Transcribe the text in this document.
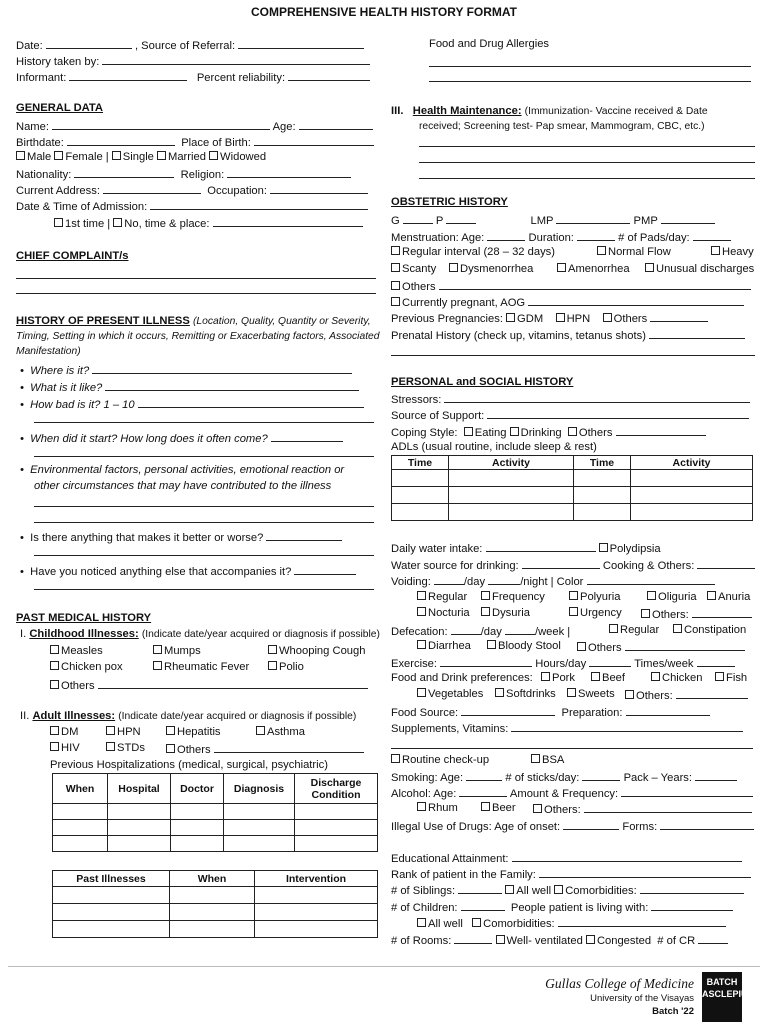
COMPREHENSIVE HEALTH HISTORY FORMAT
Date:	, Source of Referral:
History taken by:
Informant:	Percent reliability:
GENERAL DATA
Name:	Age:
Birthdate:	Place of Birth:
Male Female | Single Married Widowed
Nationality:	Religion:
Current Address:	Occupation:
Date & Time of Admission:
1st time | No, time & place:
CHIEF COMPLAINT/s
HISTORY OF PRESENT ILLNESS (Location, Quality, Quantity or Severity,
Timing, Setting in which it occurs, Remitting or Exacerbating factors, Associated
Manifestation)
•  Where is it?
•  What is it like?
•  How bad is it? 1 – 10
•  When did it start? How long does it often come?
•  Environmental factors, personal activities, emotional reaction or
other circumstances that may have contributed to the illness
•  Is there anything that makes it better or worse?
•  Have you noticed anything else that accompanies it?
PAST MEDICAL HISTORY
I. Childhood Illnesses: (Indicate date/year acquired or diagnosis if possible)
Measles	Mumps	Whooping Cough
Chicken pox	Rheumatic Fever	Polio
Others
II. Adult Illnesses: (Indicate date/year acquired or diagnosis if possible)
DM	HPN	Hepatitis	Asthma
HIV	STDs	Others
Previous Hospitalizations (medical, surgical, psychiatric)
When	Hospital	Doctor	Diagnosis	Discharge Condition

Past Illnesses	When	Intervention

Food and Drug Allergies
III. Health Maintenance: (Immunization- Vaccine received & Date
received; Screening test- Pap smear, Mammogram, CBC, etc.)
OBSTETRIC HISTORY
G	P	LMP	PMP
Menstruation: Age:	Duration:	# of Pads/day:
Regular interval (28 – 32 days)	Normal Flow	Heavy
Scanty	Dysmenorrhea	Amenorrhea	Unusual discharges
Others
Currently pregnant, AOG
Previous Pregnancies: GDM HPN Others
Prenatal History (check up, vitamins, tetanus shots)
PERSONAL and SOCIAL HISTORY
Stressors:
Source of Support:
Coping Style: Eating Drinking Others
ADLs (usual routine, include sleep & rest)
Time	Activity	Time	Activity

Daily water intake:	Polydipsia
Water source for drinking:	Cooking & Others:
Voiding:	/day	/night | Color
Regular	Frequency	Polyuria	Oliguria	Anuria
Nocturia	Dysuria	Urgency	Others:
Defecation:	/day	/week |	Regular	Constipation
Diarrhea	Bloody Stool	Others
Exercise:	Hours/day	Times/week
Food and Drink preferences:	Pork	Beef	Chicken	Fish
Vegetables	Softdrinks	Sweets	Others:
Food Source:	Preparation:
Supplements, Vitamins:
Routine check-up	BSA
Smoking: Age:	# of sticks/day:	Pack – Years:
Alcohol: Age:	Amount & Frequency:
Rhum	Beer	Others:
Illegal Use of Drugs: Age of onset:	Forms:
Educational Attainment:
Rank of patient in the Family:
# of Siblings:	All well Comorbidities:
# of Children:	People patient is living with:
All well Comorbidities:
# of Rooms:	Well- ventilated Congested # of CR
Gullas College of Medicine
University of the Visayas
Batch '22
BATCH ASCLEPIUS
